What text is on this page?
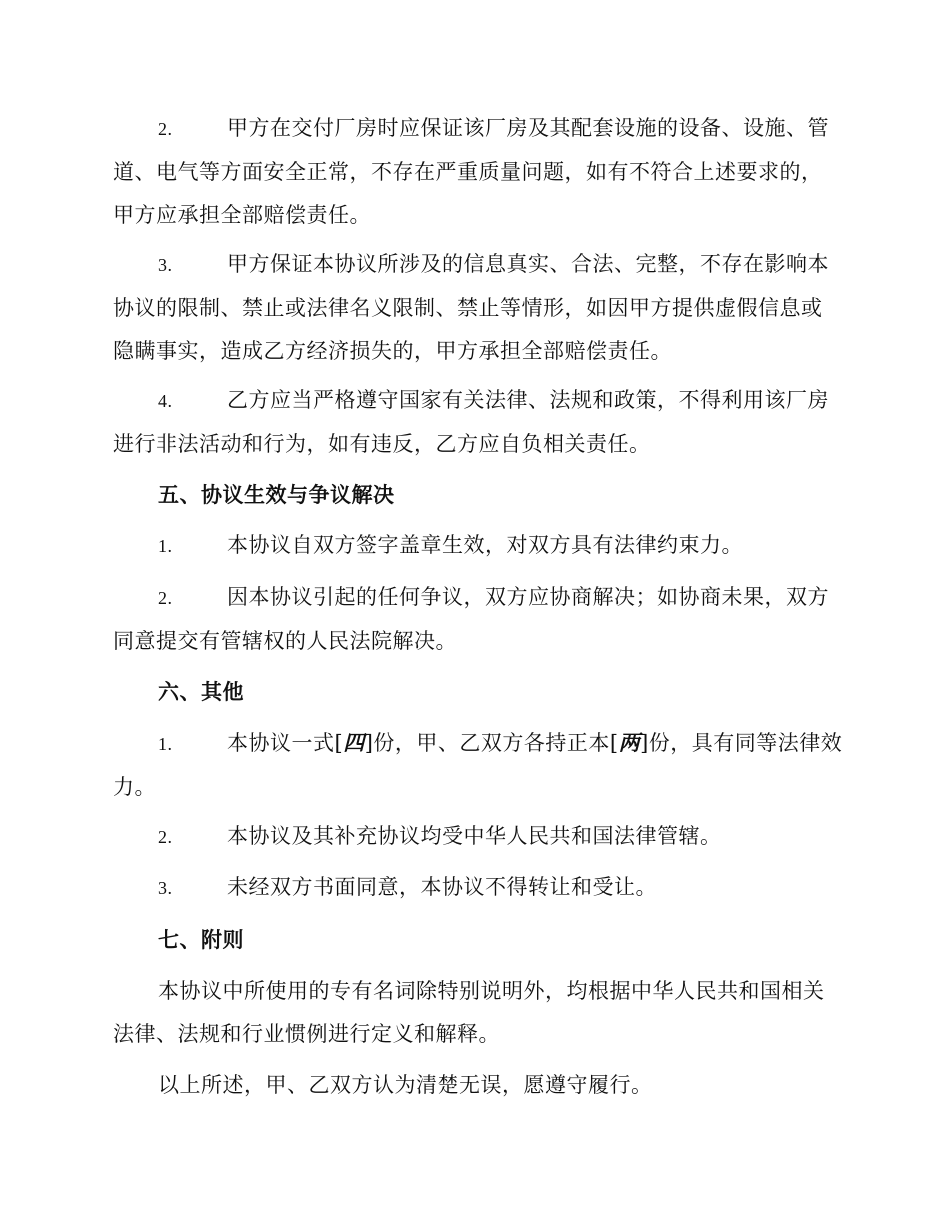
2.	甲方在交付厂房时应保证该厂房及其配套设施的设备、设施、管
道、电气等方面安全正常，不存在严重质量问题，如有不符合上述要求的，
甲方应承担全部赔偿责任。
3.	甲方保证本协议所涉及的信息真实、合法、完整，不存在影响本
协议的限制、禁止或法律名义限制、禁止等情形，如因甲方提供虚假信息或
隐瞒事实，造成乙方经济损失的，甲方承担全部赔偿责任。
4.	乙方应当严格遵守国家有关法律、法规和政策，不得利用该厂房
进行非法活动和行为，如有违反，乙方应自负相关责任。
五、协议生效与争议解决
1.	本协议自双方签字盖章生效，对双方具有法律约束力。
2.	因本协议引起的任何争议，双方应协商解决；如协商未果，双方
同意提交有管辖权的人民法院解决。
六、其他
1.	本协议一式[四]份，甲、乙双方各持正本[两]份，具有同等法律效
力。
2.	本协议及其补充协议均受中华人民共和国法律管辖。
3.	未经双方书面同意，本协议不得转让和受让。
七、附则
本协议中所使用的专有名词除特别说明外，均根据中华人民共和国相关
法律、法规和行业惯例进行定义和解释。
以上所述，甲、乙双方认为清楚无误，愿遵守履行。
